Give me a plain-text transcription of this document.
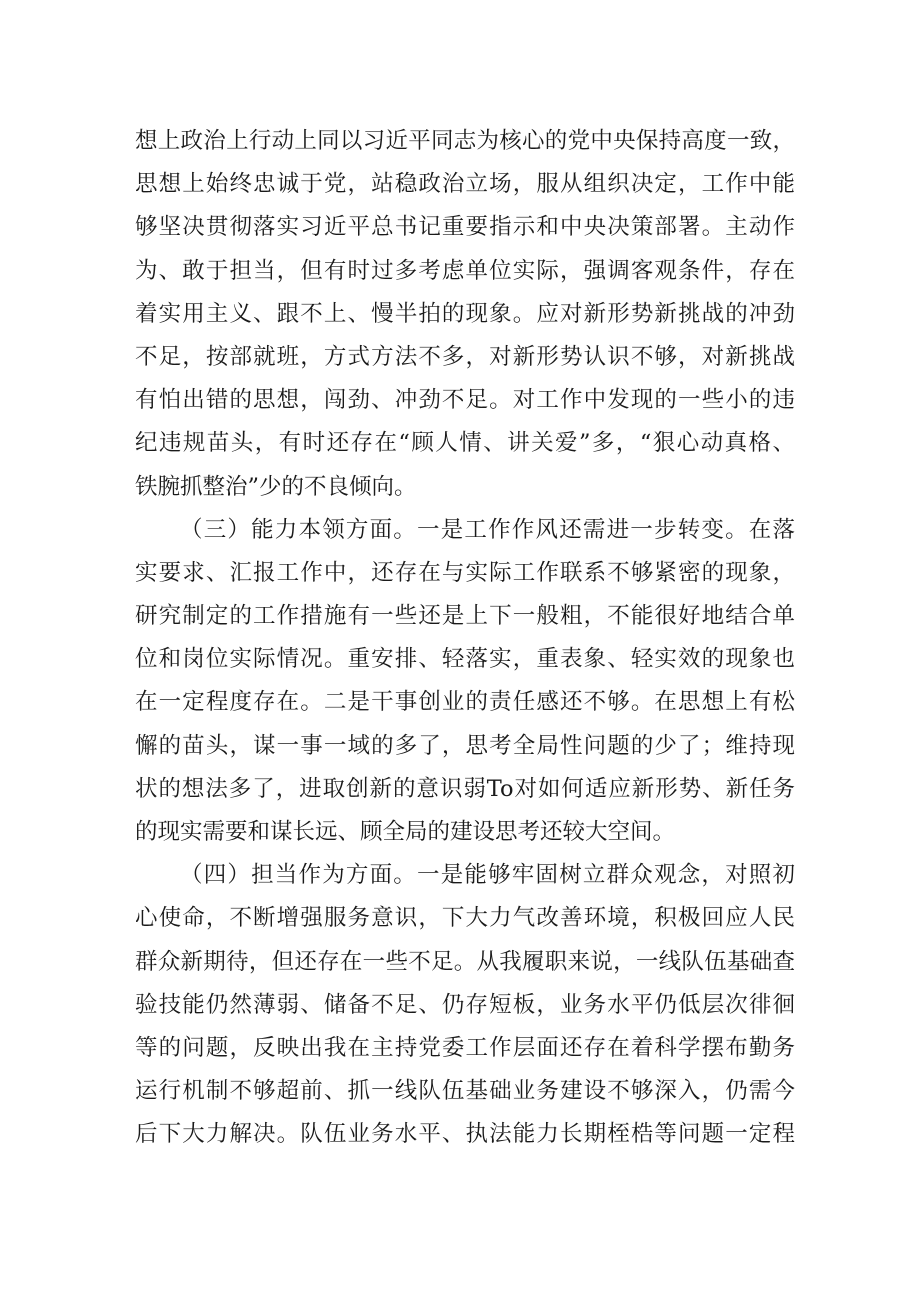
想上政治上行动上同以习近平同志为核心的党中央保持高度一致，
思想上始终忠诚于党，站稳政治立场，服从组织决定，工作中能
够坚决贯彻落实习近平总书记重要指示和中央决策部署。主动作
为、敢于担当，但有时过多考虑单位实际，强调客观条件，存在
着实用主义、跟不上、慢半拍的现象。应对新形势新挑战的冲劲
不足，按部就班，方式方法不多，对新形势认识不够，对新挑战
有怕出错的思想，闯劲、冲劲不足。对工作中发现的一些小的违
纪违规苗头，有时还存在“顾人情、讲关爱”多，“狠心动真格、
铁腕抓整治”少的不良倾向。
（三）能力本领方面。一是工作作风还需进一步转变。在落
实要求、汇报工作中，还存在与实际工作联系不够紧密的现象，
研究制定的工作措施有一些还是上下一般粗，不能很好地结合单
位和岗位实际情况。重安排、轻落实，重表象、轻实效的现象也
在一定程度存在。二是干事创业的责任感还不够。在思想上有松
懈的苗头，谋一事一域的多了，思考全局性问题的少了；维持现
状的想法多了，进取创新的意识弱To对如何适应新形势、新任务
的现实需要和谋长远、顾全局的建设思考还较大空间。
（四）担当作为方面。一是能够牢固树立群众观念，对照初
心使命，不断增强服务意识，下大力气改善环境，积极回应人民
群众新期待，但还存在一些不足。从我履职来说，一线队伍基础查
验技能仍然薄弱、储备不足、仍存短板，业务水平仍低层次徘徊
等的问题，反映出我在主持党委工作层面还存在着科学摆布勤务
运行机制不够超前、抓一线队伍基础业务建设不够深入，仍需今
后下大力解决。队伍业务水平、执法能力长期桎梏等问题一定程
